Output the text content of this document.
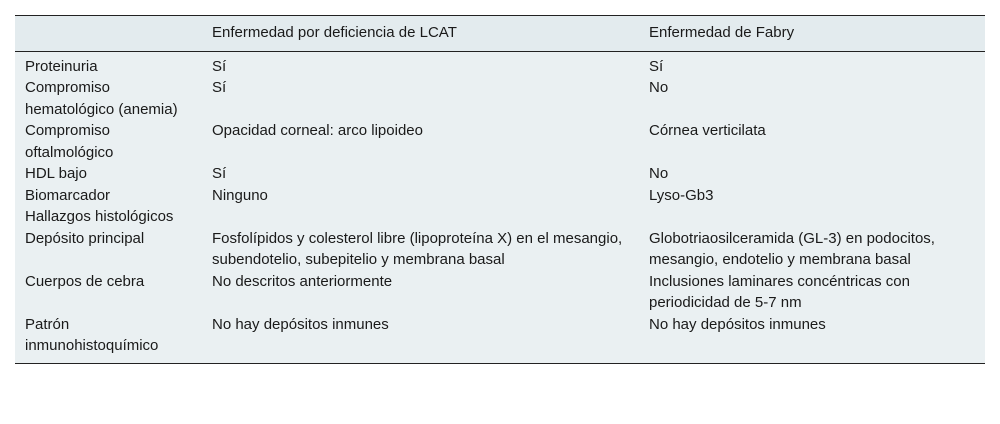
	Enfermedad por deficiencia de LCAT	Enfermedad de Fabry
Proteinuria	Sí	Sí
Compromiso hematológico (anemia)	Sí	No
Compromiso oftalmológico	Opacidad corneal: arco lipoideo	Córnea verticilata
HDL bajo	Sí	No
Biomarcador	Ninguno	Lyso-Gb3
Hallazgos histológicos		
Depósito principal	Fosfolípidos y colesterol libre (lipoproteína X) en el mesangio, subendotelio, subepitelio y membrana basal	Globotriaosilceramida (GL-3) en podocitos, mesangio, endotelio y membrana basal
Cuerpos de cebra	No descritos anteriormente	Inclusiones laminares concéntricas con periodicidad de 5-7 nm
Patrón inmunohistoquímico	No hay depósitos inmunes	No hay depósitos inmunes
